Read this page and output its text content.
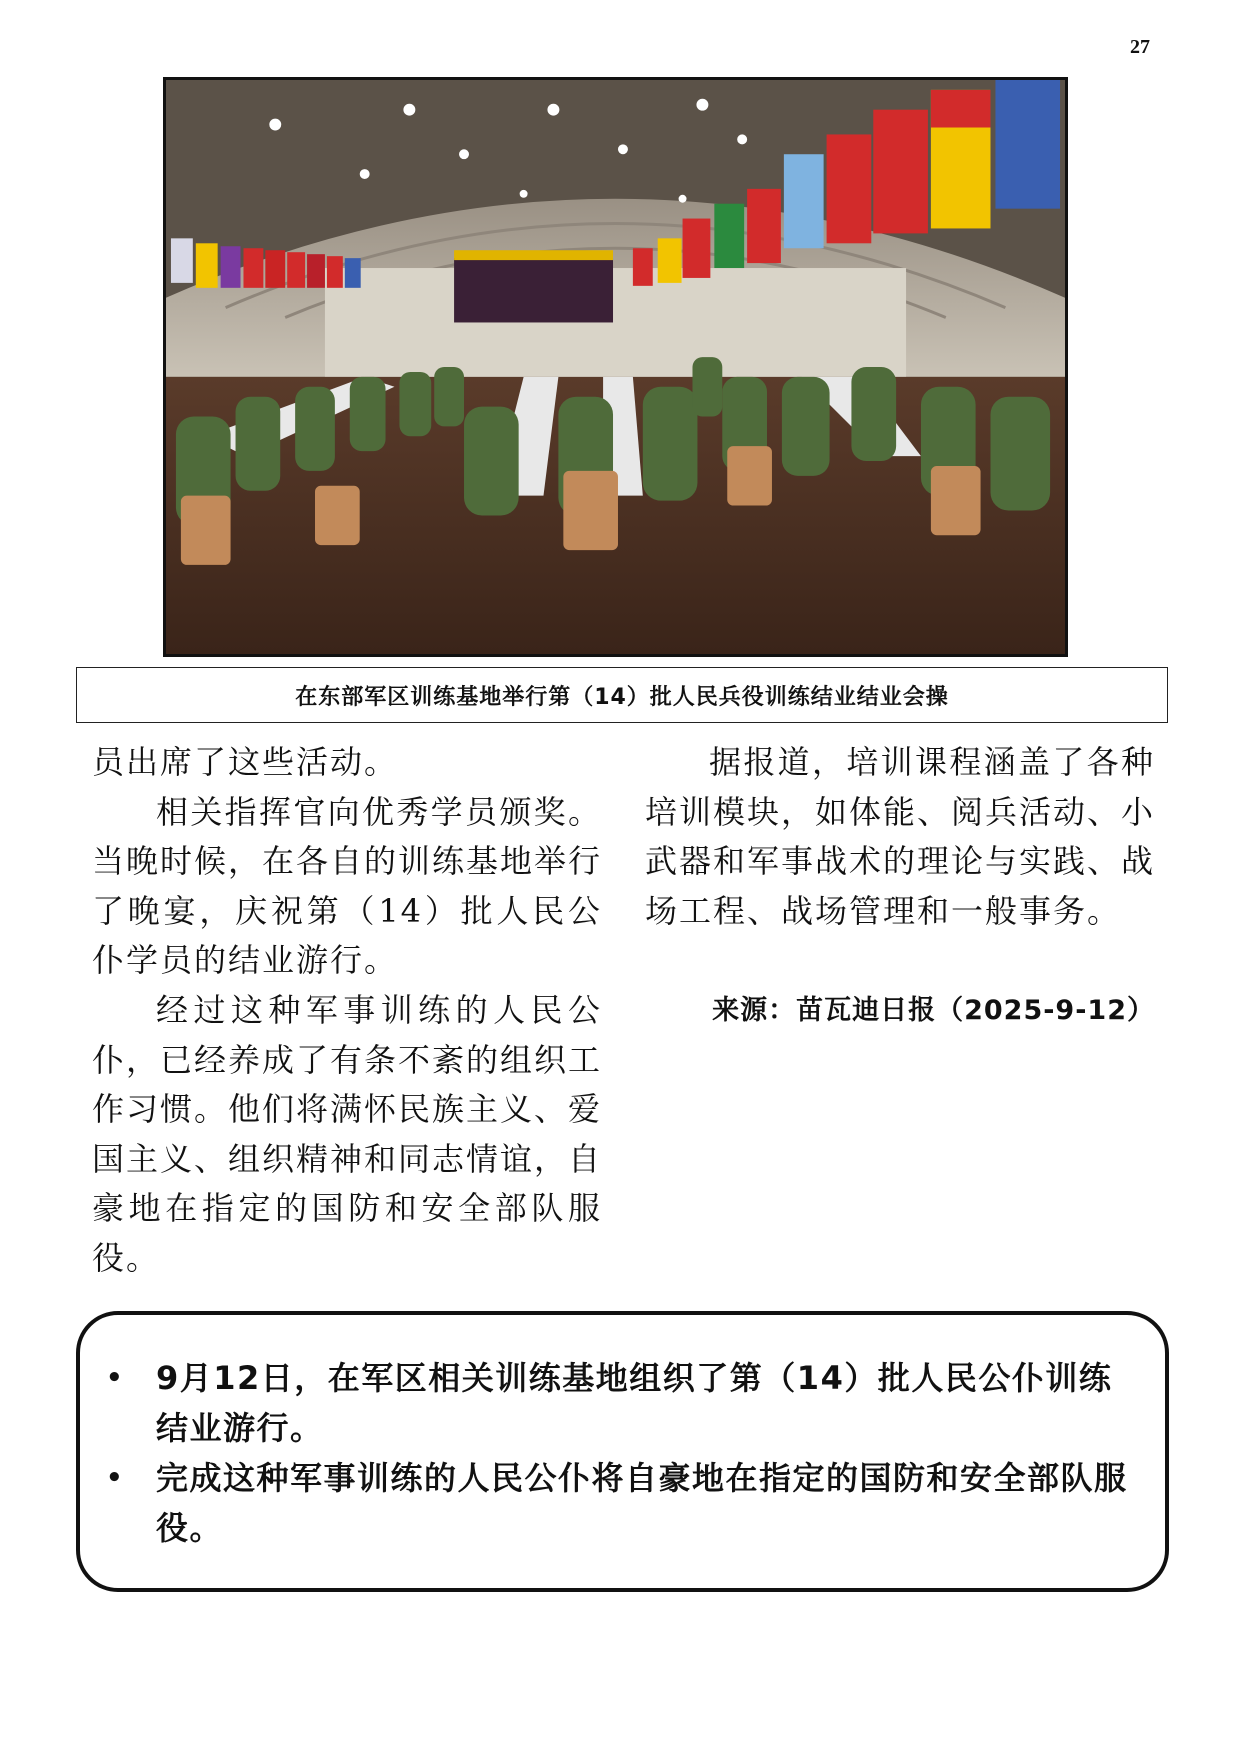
27
在东部军区训练基地举行第（14）批人民兵役训练结业结业会操

员出席了这些活动。

相关指挥官向优秀学员颁奖。当晚时候，在各自的训练基地举行了晚宴，庆祝第（14）批人民公仆学员的结业游行。

经过这种军事训练的人民公仆，已经养成了有条不紊的组织工作习惯。他们将满怀民族主义、爱国主义、组织精神和同志情谊，自豪地在指定的国防和安全部队服役。

据报道，培训课程涵盖了各种培训模块，如体能、阅兵活动、小武器和军事战术的理论与实践、战场工程、战场管理和一般事务。

来源：苗瓦迪日报（2025-9-12）
• 9月12日，在军区相关训练基地组织了第（14）批人民公仆训练结业游行。
• 完成这种军事训练的人民公仆将自豪地在指定的国防和安全部队服役。
